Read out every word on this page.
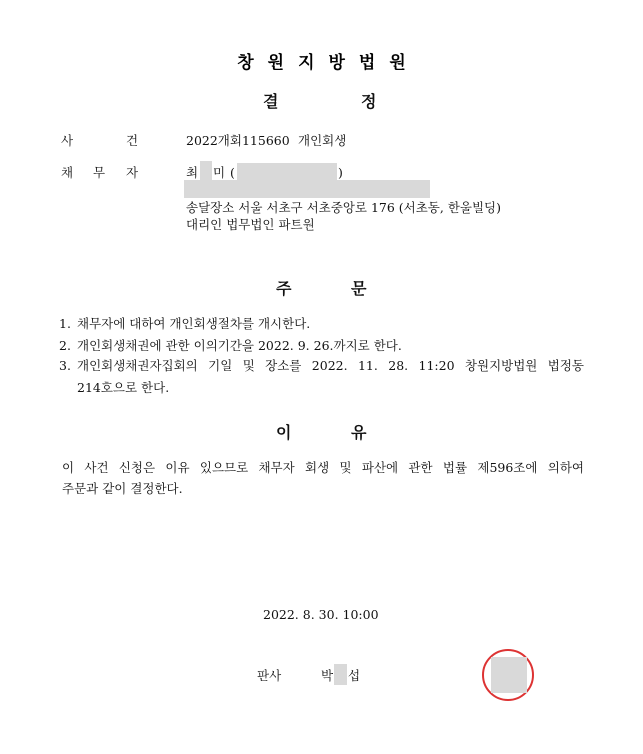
창원지방법원
결	정
사	건	2022개회115660 개인회생
채 무 자	최 미 (	)
송달장소 서울 서초구 서초중앙로 176 (서초동, 한울빌딩)
대리인 법무법인 파트원
주	문
1. 채무자에 대하여 개인회생절차를 개시한다.
2. 개인회생채권에 관한 이의기간을 2022. 9. 26.까지로 한다.
3. 개인회생채권자집회의 기일 및 장소를 2022. 11. 28. 11:20 창원지방법원 법정동
214호으로 한다.
이	유
이 사건 신청은 이유 있으므로 채무자 회생 및 파산에 관한 법률 제596조에 의하여
주문과 같이 결정한다.
2022. 8. 30. 10:00
판사	박 섭
